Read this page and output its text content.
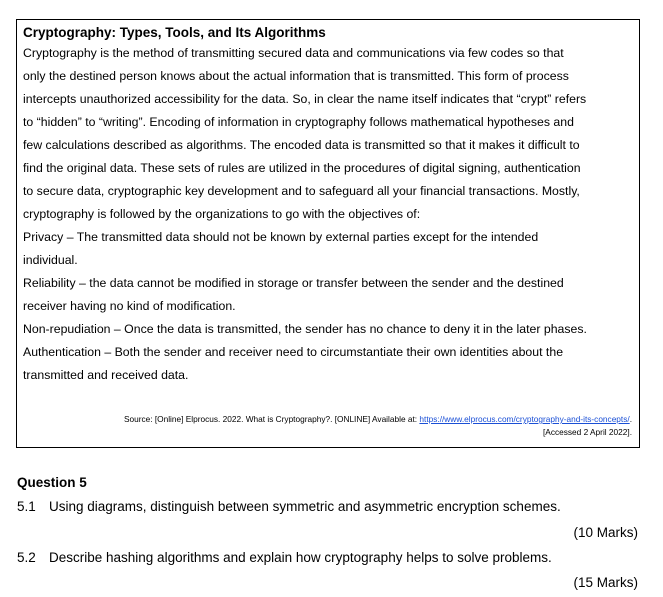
Cryptography: Types, Tools, and Its Algorithms
Cryptography is the method of transmitting secured data and communications via few codes so that
only the destined person knows about the actual information that is transmitted. This form of process
intercepts unauthorized accessibility for the data. So, in clear the name itself indicates that “crypt” refers
to “hidden” to “writing”. Encoding of information in cryptography follows mathematical hypotheses and
few calculations described as algorithms. The encoded data is transmitted so that it makes it difficult to
find the original data. These sets of rules are utilized in the procedures of digital signing, authentication
to secure data, cryptographic key development and to safeguard all your financial transactions. Mostly,
cryptography is followed by the organizations to go with the objectives of:
Privacy – The transmitted data should not be known by external parties except for the intended
individual.
Reliability – the data cannot be modified in storage or transfer between the sender and the destined
receiver having no kind of modification.
Non-repudiation – Once the data is transmitted, the sender has no chance to deny it in the later phases.
Authentication – Both the sender and receiver need to circumstantiate their own identities about the
transmitted and received data.
Source: [Online] Elprocus. 2022. What is Cryptography?. [ONLINE] Available at: https://www.elprocus.com/cryptography-and-its-concepts/.
[Accessed 2 April 2022].
Question 5
5.1 Using diagrams, distinguish between symmetric and asymmetric encryption schemes.
(10 Marks)
5.2 Describe hashing algorithms and explain how cryptography helps to solve problems.
(15 Marks)
